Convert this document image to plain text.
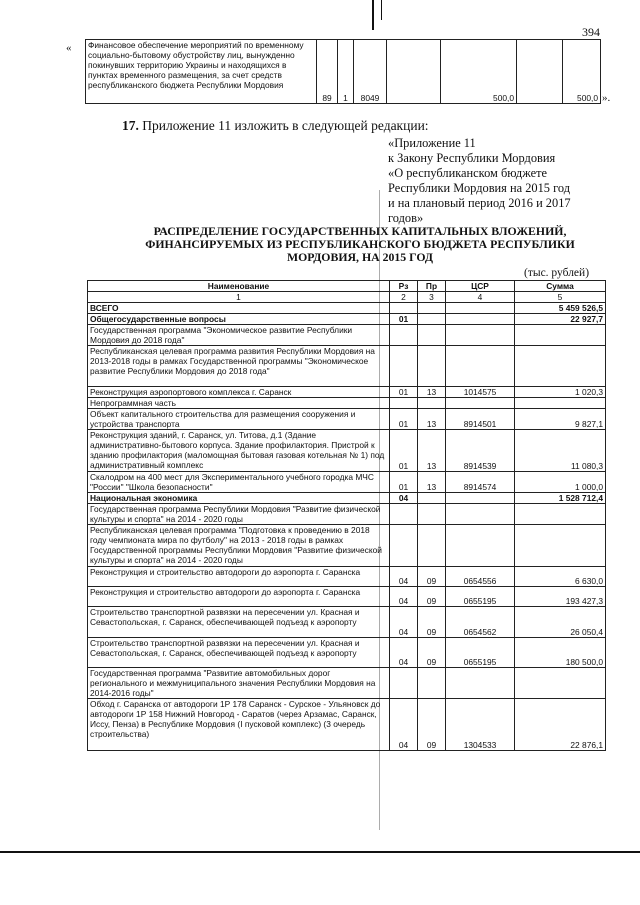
394
« Финансовое обеспечение мероприятий по временному социально-бытовому обустройству лиц, вынужденно покинувших территорию Украины и находящихся в пунктах временного размещения, за счет средств республиканского бюджета Республики Мордовия	89	1	8049		500,0		500,0 ».
17. Приложение 11 изложить в следующей редакции:
«Приложение 11
к Закону Республики Мордовия
«О республиканском бюджете
Республики Мордовия на 2015 год
и на плановый период 2016 и 2017
годов»
РАСПРЕДЕЛЕНИЕ ГОСУДАРСТВЕННЫХ КАПИТАЛЬНЫХ ВЛОЖЕНИЙ,
ФИНАНСИРУЕМЫХ ИЗ РЕСПУБЛИКАНСКОГО БЮДЖЕТА РЕСПУБЛИКИ
МОРДОВИЯ, НА 2015 ГОД
(тыс. рублей)
Наименование	Рз	Пр	ЦСР	Сумма
1	2	3	4	5
ВСЕГО				5 459 526,5
Общегосударственные вопросы	01			22 927,7
Государственная программа "Экономическое развитие Республики Мордовия до 2018 года"				
Республиканская целевая программа развития Республики Мордовия на 2013-2018 годы в рамках Государственной программы "Экономическое развитие Республики Мордовия до 2018 года"				
Реконструкция аэропортового комплекса г. Саранск	01	13	1014575	1 020,3
Непрограммная часть				
Объект капитального строительства для размещения сооружения и устройства транспорта	01	13	8914501	9 827,1
Реконструкция зданий, г. Саранск, ул. Титова, д.1 (Здание административно-бытового корпуса. Здание профилактория. Пристрой к зданию профилактория (маломощная бытовая газовая котельная № 1) под административный комплекс	01	13	8914539	11 080,3
Скалодром на 400 мест для Экспериментального учебного городка МЧС "России" "Школа безопасности"	01	13	8914574	1 000,0
Национальная экономика	04			1 528 712,4
Государственная программа Республики Мордовия "Развитие физической культуры и спорта" на 2014 - 2020 годы				
Республиканская целевая программа "Подготовка к проведению в 2018 году чемпионата мира по футболу" на 2013 - 2018 годы в рамках Государственной программы Республики Мордовия "Развитие физической культуры и спорта" на 2014 - 2020 годы				
Реконструкция и строительство автодороги до аэропорта г. Саранска	04	09	0654556	6 630,0
Реконструкция и строительство автодороги до аэропорта г. Саранска	04	09	0655195	193 427,3
Строительство транспортной развязки на пересечении ул. Красная и Севастопольская, г. Саранск, обеспечивающей подъезд к аэропорту	04	09	0654562	26 050,4
Строительство транспортной развязки на пересечении ул. Красная и Севастопольская, г. Саранск, обеспечивающей подъезд к аэропорту	04	09	0655195	180 500,0
Государственная программа "Развитие автомобильных дорог регионального и межмуниципального значения Республики Мордовия на 2014-2016 годы"				
Обход г. Саранска от автодороги 1Р 178 Саранск - Сурское - Ульяновск до автодороги 1Р 158 Нижний Новгород - Саратов (через Арзамас, Саранск, Иссу, Пенза) в Республике Мордовия (I пусковой комплекс) (3 очередь строительства)	04	09	1304533	22 876,1
